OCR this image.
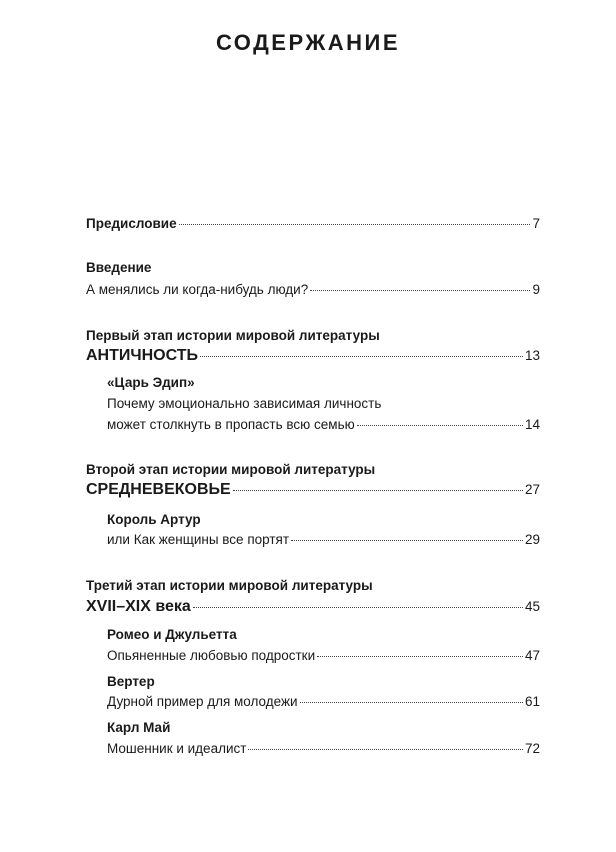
СОДЕРЖАНИЕ
Предисловие	7
Введение
А менялись ли когда-нибудь люди?	9
Первый этап истории мировой литературы
АНТИЧНОСТЬ	13
«Царь Эдип»
Почему эмоционально зависимая личность
может столкнуть в пропасть всю семью	14
Второй этап истории мировой литературы
СРЕДНЕВЕКОВЬЕ	27
Король Артур
или Как женщины все портят	29
Третий этап истории мировой литературы
XVII–XIX века	45
Ромео и Джульетта
Опьяненные любовью подростки	47
Вертер
Дурной пример для молодежи	61
Карл Май
Мошенник и идеалист	72
